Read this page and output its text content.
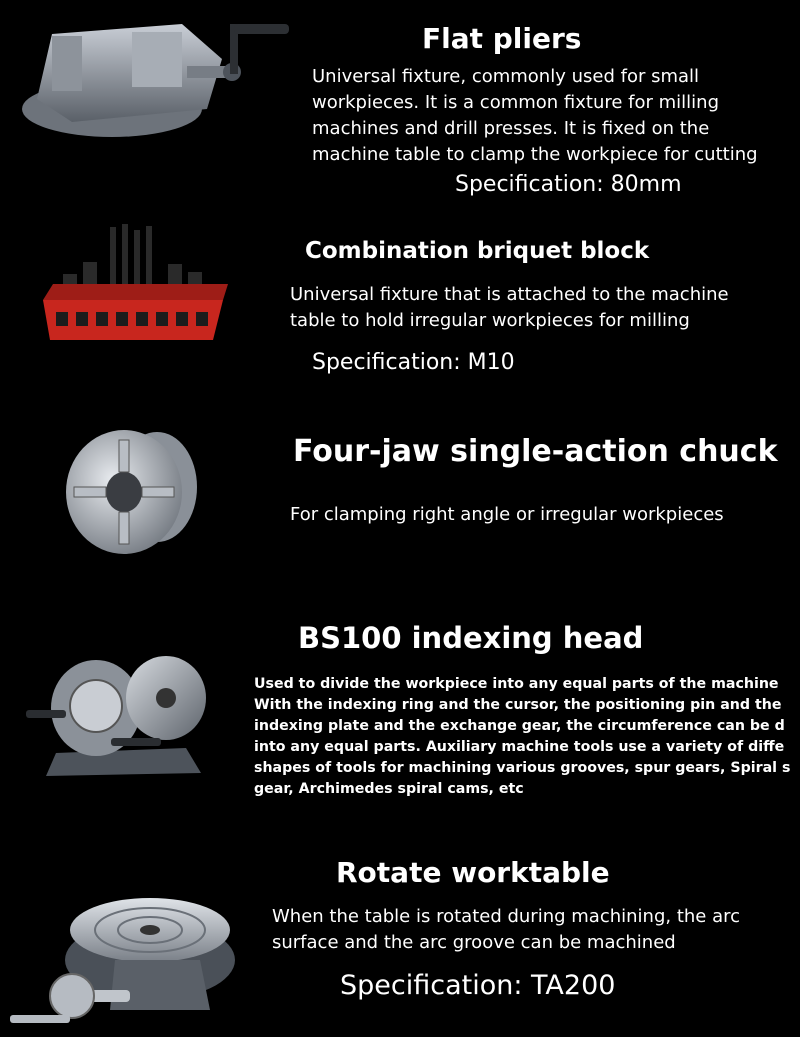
Flat pliers
Universal fixture, commonly used for small
workpieces. It is a common fixture for milling
machines and drill presses. It is fixed on the
machine table to clamp the workpiece for cutting
Specification: 80mm
Combination briquet block
Universal fixture that is attached to the machine
table to hold irregular workpieces for milling
Specification: M10
Four-jaw single-action chuck
For clamping right angle or irregular workpieces
BS100 indexing head
Used to divide the workpiece into any equal parts of the machine
With the indexing ring and the cursor, the positioning pin and the
indexing plate and the exchange gear, the circumference can be d
into any equal parts. Auxiliary machine tools use a variety of diffe
shapes of tools for machining various grooves, spur gears, Spiral s
gear, Archimedes spiral cams, etc
Rotate worktable
When the table is rotated during machining, the arc
surface and the arc groove can be machined
Specification: TA200
